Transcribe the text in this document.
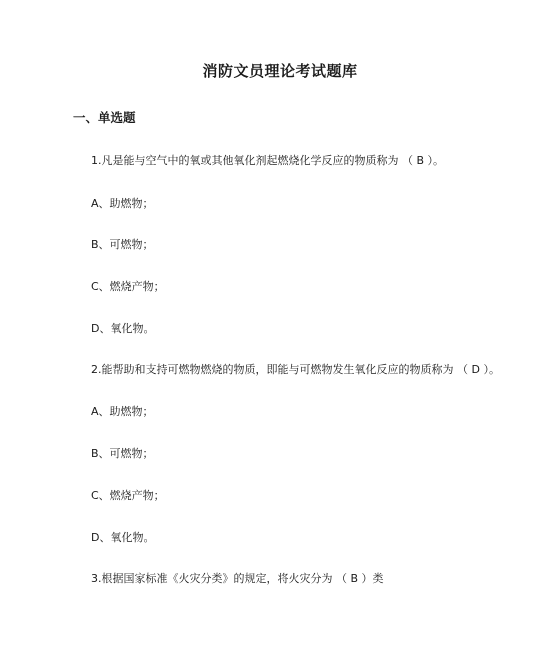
消防文员理论考试题库
一、单选题
1.凡是能与空气中的氧或其他氧化剂起燃烧化学反应的物质称为 （ B ）。
A、助燃物；
B、可燃物；
C、燃烧产物；
D、氧化物。
2.能帮助和支持可燃物燃烧的物质，即能与可燃物发生氧化反应的物质称为 （ D ）。
A、助燃物；
B、可燃物；
C、燃烧产物；
D、氧化物。
3.根据国家标准《火灾分类》的规定，将火灾分为 （ B ）类
